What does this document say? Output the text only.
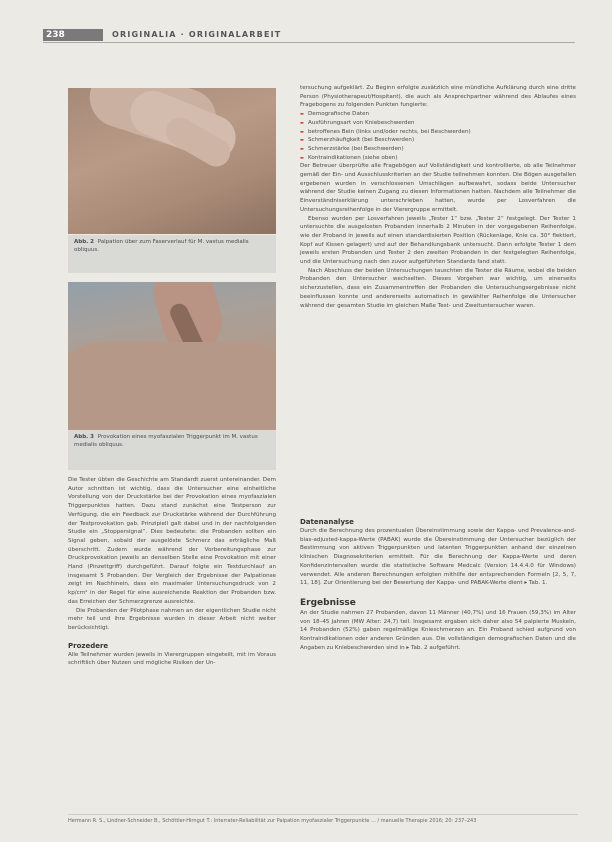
238	ORIGINALIA · ORIGINALARBEIT
Abb. 2 Palpation über zum Faserverlauf für M. vastus medialis obliquus.
Abb. 3 Provokation eines myofaszialen Triggerpunkt im M. vastus medialis obliquus.

Die Tester übten die Geschichte am Standardt zuerst untereinander. Dem Autor schnitten ist wichtig, dass die Untersucher eine einheitliche Vorstellung von der Druckstärke bei der Provokation eines myofaszialen Triggerpunktes hatten. Dazu stand zunächst eine Testperson zur Verfügung, die ein Feedback zur Druckstärke während der Durchführung der Testprovokation gab. Prinzipiell galt dabei und in der nachfolgenden Studie ein „Stoppersignal“. Dies bedeutete: die Probanden sollten ein Signal geben, sobald der ausgelöste Schmerz das erträgliche Maß überschritt. Zudem wurde während der Vorbereitungsphase zur Druckprovokation jeweils an denselben Stelle eine Provokation mit einer Hand (Pinzettgriff) durchgeführt. Darauf folgte ein Testdurchlauf an insgesamt 5 Probanden. Der Vergleich der Ergebnisse der Palpationse zeigt im Nachhinein, dass ein maximaler Untersuchungsdruck von 2 kp/cm² in der Regel für eine ausreichende Reaktion der Probanden bzw. das Erreichen der Schmerzgrenze ausreichte.

Die Probanden der Pilotphase nahmen an der eigentlichen Studie nicht mehr teil und ihre Ergebnisse wurden in dieser Arbeit nicht weiter berücksichtigt.

Prozedere

Alle Teilnehmer wurden jeweils in Vierergruppen eingeteilt, mit im Voraus schriftlich über Nutzen und mögliche Risiken der Un-

tersuchung aufgeklärt. Zu Beginn erfolgte zusätzlich eine mündliche Aufklärung durch eine dritte Person (Physiotherapeut/Hospitant), die auch als Ansprechpartner während des Ablaufes eines Fragebogens zu folgenden Punkten fungierte:

▬ Demografische Daten
▬ Ausführungsart von Kniebeschwerden
▬ betroffenes Bein (links und/oder rechts, bei Beschwerden)
▬ Schmerzhäufigkeit (bei Beschwerden)
▬ Schmerzstärke (bei Beschwerden)
▬ Kontraindikationen (siehe oben)

Der Betreuer überprüfte alle Fragebögen auf Vollständigkeit und kontrollierte, ob alle Teilnehmer gemäß der Ein- und Ausschlusskriterien an der Studie teilnehmen konnten. Die Bögen ausgefallen ergebenen wurden in verschlossenen Umschlägen aufbewahrt, sodass beide Untersucher während der Studie keinen Zugang zu diesen Informationen hatten. Nachdem alle Teilnehmer die Einverständniserklärung unterschrieben hatten, wurde per Losverfahren die Untersuchungsreihenfolge in der Vierergruppe ermittelt.

Ebenso wurden per Losverfahren jeweils „Tester 1“ bzw. „Tester 2“ festgelegt. Der Tester 1 untersuchte die ausgelosten Probanden innerhalb 2 Minuten in der vorgegebenen Reihenfolge, wie der Proband in jeweils auf einen standardisierten Position (Rückenlage, Knie ca. 30° flektiert, Kopf auf Kissen gelagert) und auf der Behandlungsbank untersucht. Dann erfolgte Tester 1 dem jeweils ersten Probanden und Tester 2 den zweiten Probanden in der festgelegten Reihenfolge, und die Untersuchung nach den zuvor aufgeführten Standards fand statt.

Nach Abschluss der beiden Untersuchungen tauschten die Tester die Räume, wobei die beiden Probanden den Untersucher wechselten. Dieses Vorgehen war wichtig, um einerseits sicherzustellen, dass ein Zusammentreffen der Probanden die Untersuchungsergebnisse nicht beeinflussen konnte und andererseits automatisch in gewählter Reihenfolge die Untersucher während der gesamten Studie im gleichen Maße Test- und Zweituntersucher waren.

Datenanalyse

Durch die Berechnung des prozentualen Übereinstimmung sowie der Kappa- und Prevalence-and-bias-adjusted-kappa-Werte (PABAK) wurde die Übereinstimmung der Untersucher bezüglich der Bestimmung von aktiven Triggerpunkten und latenten Triggerpunkten anhand der einzelnen klinischen Diagnosekriterien ermittelt. Für die Berechnung der Kappa-Werte und deren Konfidenzintervallen wurde die statistische Software Medcalc (Version 14.4.4.0 für Windows) verwendet. Alle anderen Berechnungen erfolgten mithilfe der entsprechenden Formeln [2, 5, 7, 11, 18]. Zur Orientierung bei der Bewertung der Kappa- und PABAK-Werte dient ▸ Tab. 1.

Ergebnisse

An der Studie nahmen 27 Probanden, davon 11 Männer (40,7%) und 16 Frauen (59,3%) im Alter von 18–45 Jahren (MW Alter: 24,7) teil. Insgesamt ergaben sich daher also 54 palpierte Muskeln, 14 Probanden (52%) gaben regelmäßige Knieschmerzen an. Ein Proband schied aufgrund von Kontraindikationen oder anderen Gründen aus. Die vollständigen demografischen Daten und die Angaben zu Kniebeschwerden sind in ▸ Tab. 2 aufgeführt.

Hermann R. S., Lindner-Schneider B., Schöttler-Hirngut T.: Interrater-Reliabilität zur Palpation myofaszialer Triggerpunkte ... / manuelle Therapie 2016; 20: 237–243
